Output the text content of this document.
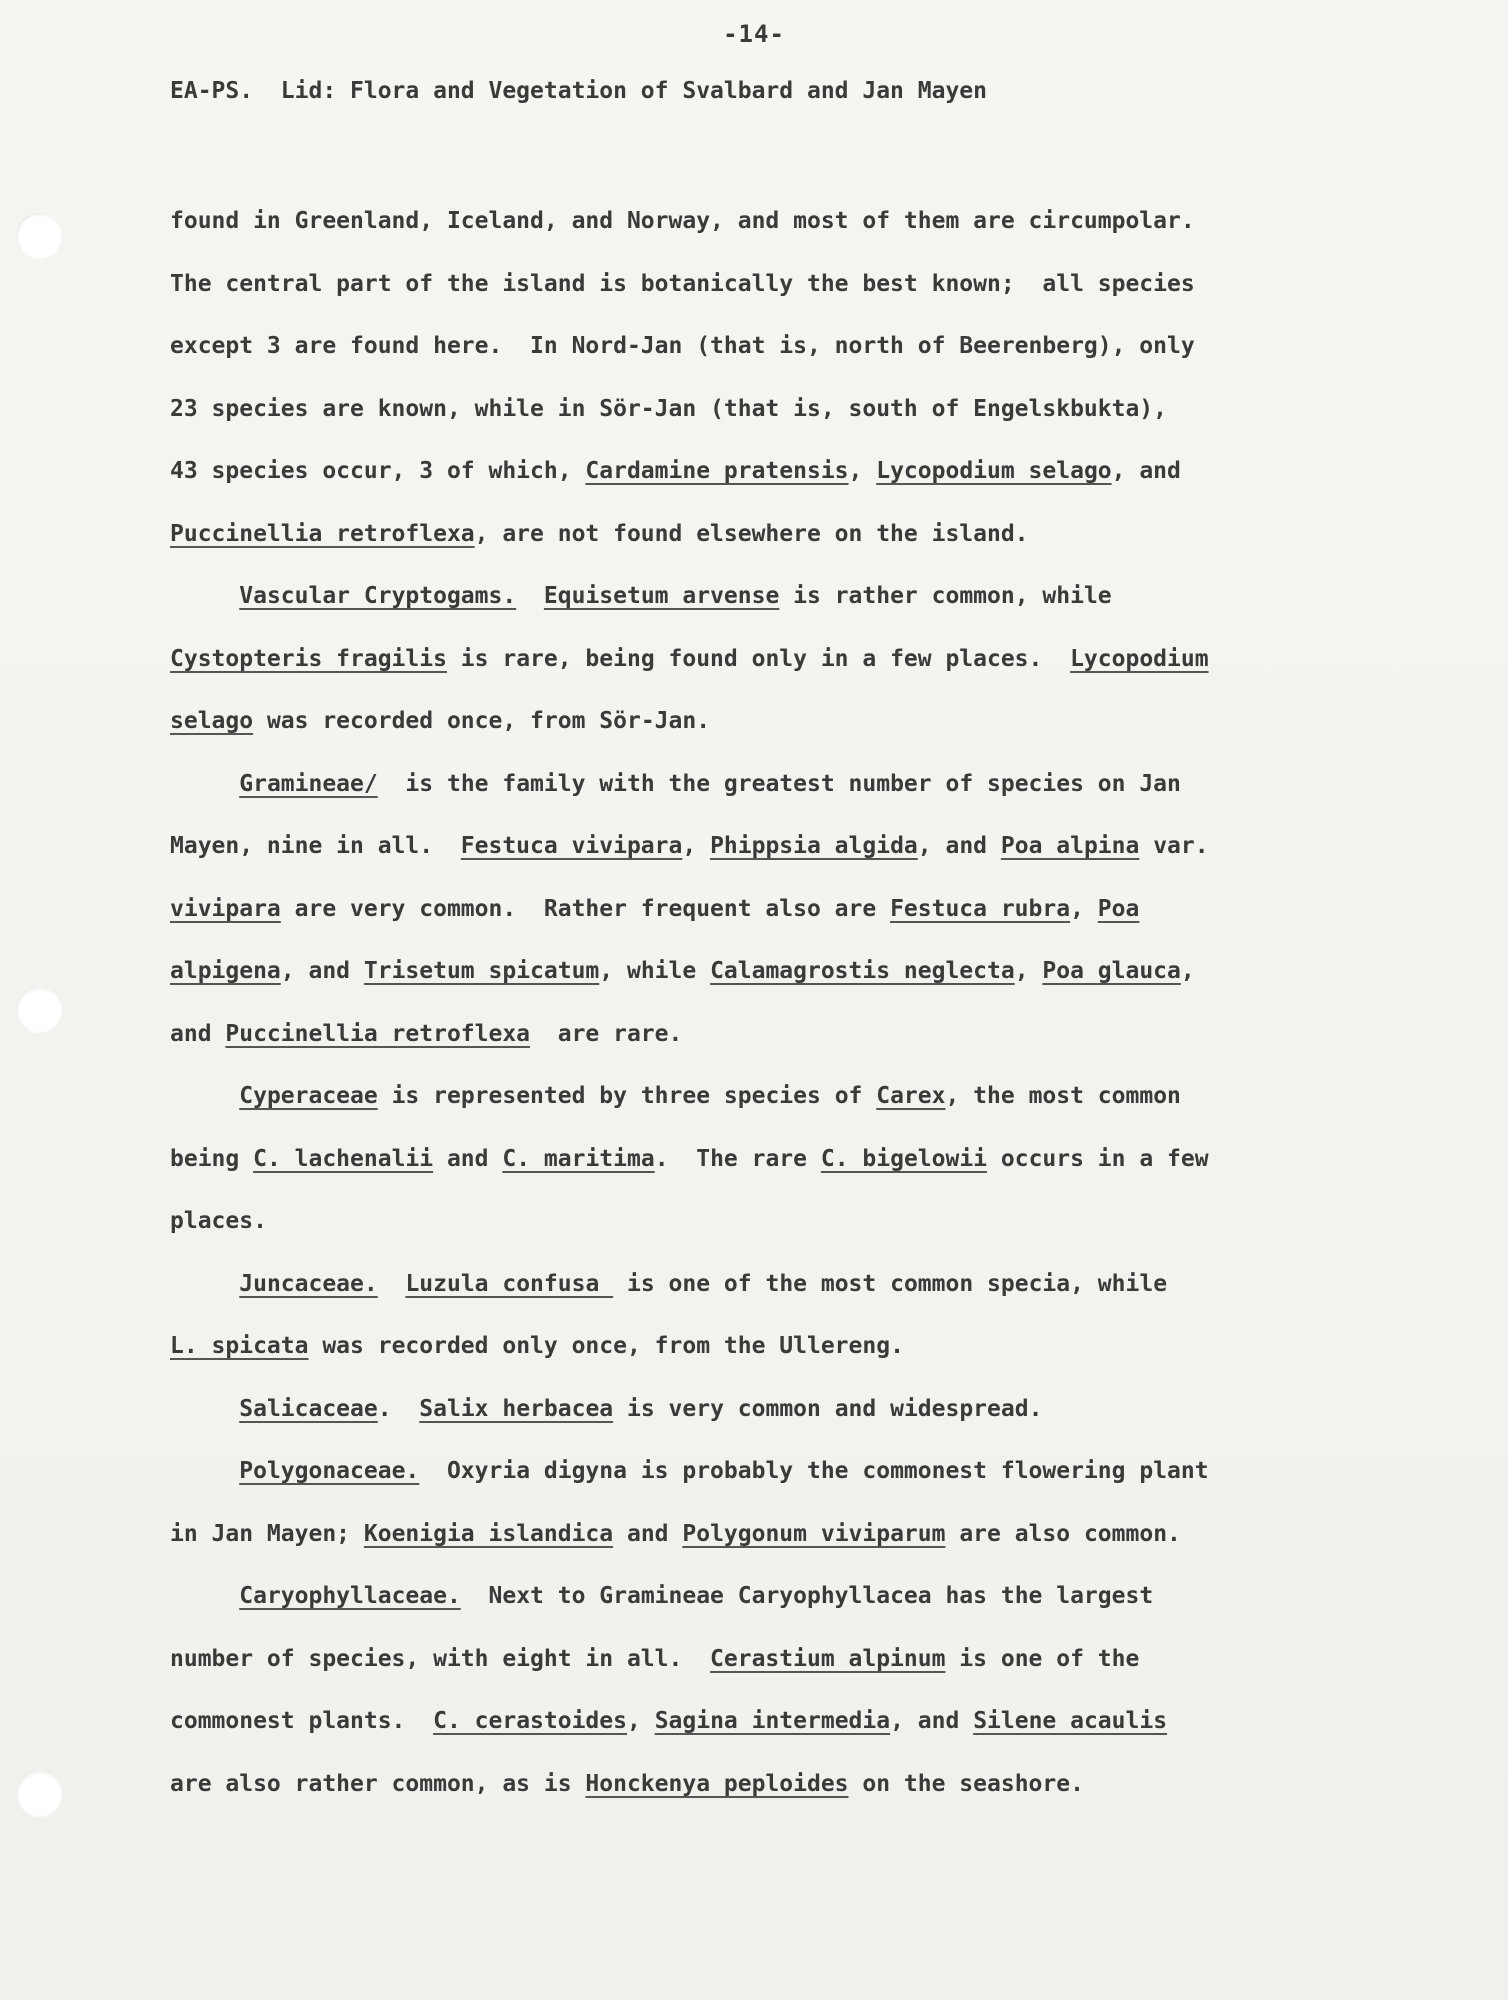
-14-
EA-PS.  Lid: Flora and Vegetation of Svalbard and Jan Mayen
found in Greenland, Iceland, and Norway, and most of them are circumpolar.
The central part of the island is botanically the best known;  all species
except 3 are found here.  In Nord-Jan (that is, north of Beerenberg), only
23 species are known, while in Sör-Jan (that is, south of Engelskbukta),
43 species occur, 3 of which, Cardamine pratensis, Lycopodium selago, and
Puccinellia retroflexa, are not found elsewhere on the island.
Vascular Cryptogams. Equisetum arvense is rather common, while
Cystopteris fragilis is rare, being found only in a few places.  Lycopodium
selago was recorded once, from Sör-Jan.
Gramineae/  is the family with the greatest number of species on Jan
Mayen, nine in all.  Festuca vivipara, Phippsia algida, and Poa alpina var.
vivipara are very common.  Rather frequent also are Festuca rubra, Poa
alpigena, and Trisetum spicatum, while Calamagrostis neglecta, Poa glauca,
and Puccinellia retroflexa  are rare.
Cyperaceae is represented by three species of Carex, the most common
being C. lachenalii and C. maritima.  The rare C. bigelowii occurs in a few
places.
Juncaceae. Luzula confusa  is one of the most common specia, while
L. spicata was recorded only once, from the Ullereng.
Salicaceae.  Salix herbacea is very common and widespread.
Polygonaceae.  Oxyria digyna is probably the commonest flowering plant
in Jan Mayen; Koenigia islandica and Polygonum viviparum are also common.
Caryophyllaceae.  Next to Gramineae Caryophyllacea has the largest
number of species, with eight in all.  Cerastium alpinum is one of the
commonest plants.  C. cerastoides, Sagina intermedia, and Silene acaulis
are also rather common, as is Honckenya peploides on the seashore.
